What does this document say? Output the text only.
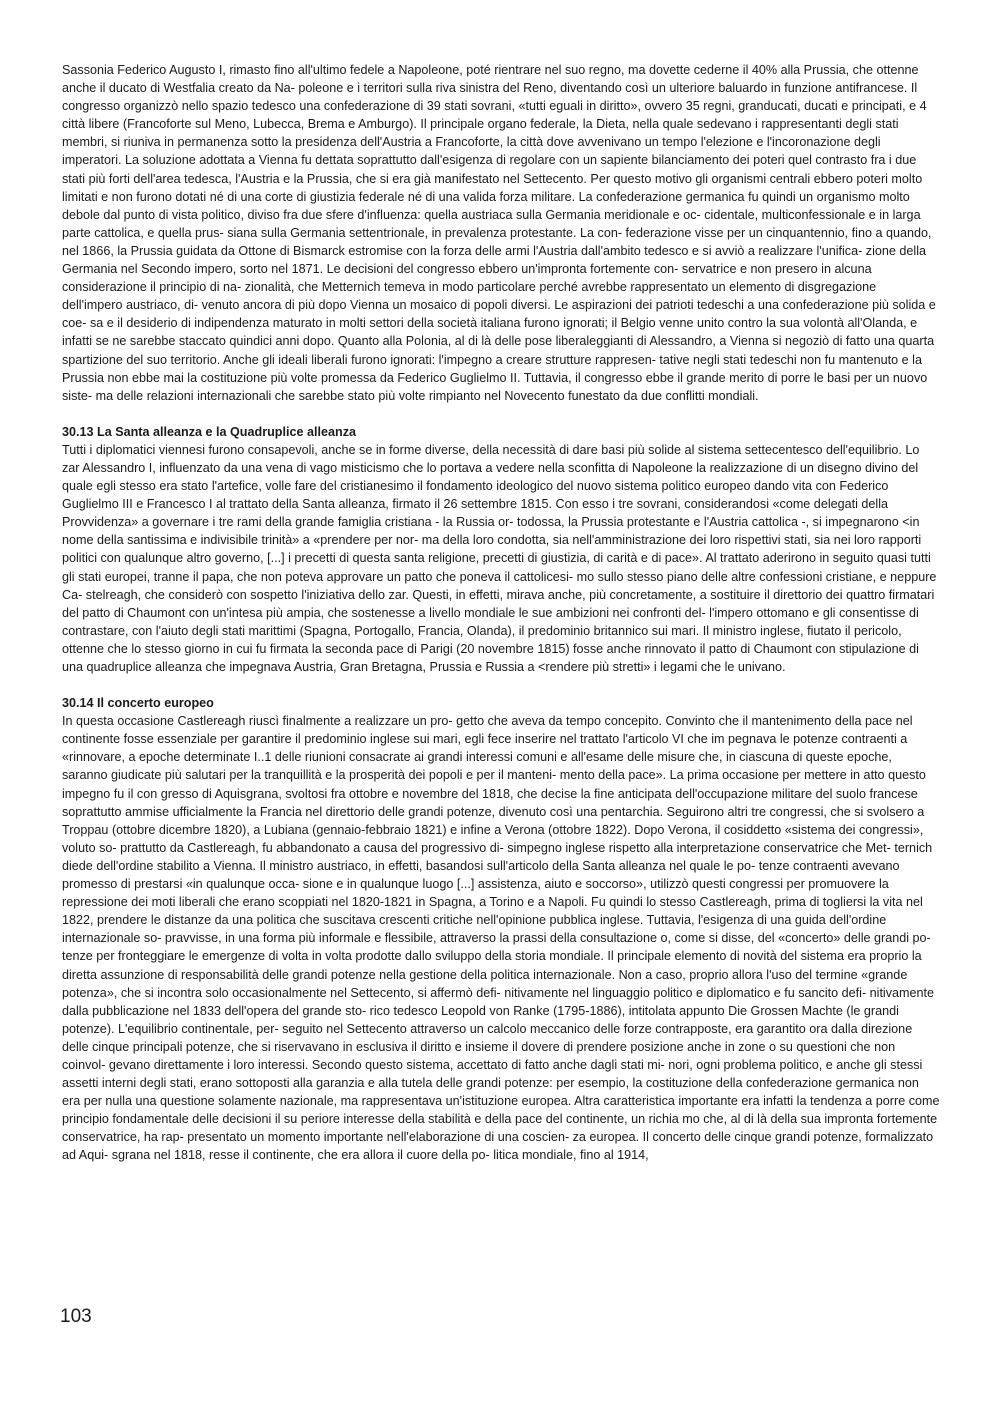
Sassonia Federico Augusto I, rimasto fino all'ultimo fedele a Napoleone, poté rientrare nel suo regno, ma dovette cederne il 40% alla Prussia, che ottenne anche il ducato di Westfalia creato da Na- poleone e i territori sulla riva sinistra del Reno, diventando così un ulteriore baluardo in funzione antifrancese. Il congresso organizzò nello spazio tedesco una confederazione di 39 stati sovrani, «tutti eguali in diritto», ovvero 35 regni, granducati, ducati e principati, e 4 città libere (Francoforte sul Meno, Lubecca, Brema e Amburgo). Il principale organo federale, la Dieta, nella quale sedevano i rappresentanti degli stati membri, si riuniva in permanenza sotto la presidenza dell'Austria a Francoforte, la città dove avvenivano un tempo l'elezione e l'incoronazione degli imperatori. La soluzione adottata a Vienna fu dettata soprattutto dall'esigenza di regolare con un sapiente bilanciamento dei poteri quel contrasto fra i due stati più forti dell'area tedesca, l'Austria e la Prussia, che si era già manifestato nel Settecento. Per questo motivo gli organismi centrali ebbero poteri molto limitati e non furono dotati né di una corte di giustizia federale né di una valida forza militare. La confederazione germanica fu quindi un organismo molto debole dal punto di vista politico, diviso fra due sfere d'influenza: quella austriaca sulla Germania meridionale e oc- cidentale, multiconfessionale e in larga parte cattolica, e quella prus- siana sulla Germania settentrionale, in prevalenza protestante. La con- federazione visse per un cinquantennio, fino a quando, nel 1866, la Prussia guidata da Ottone di Bismarck estromise con la forza delle armi l'Austria dall'ambito tedesco e si avviò a realizzare l'unifica- zione della Germania nel Secondo impero, sorto nel 1871. Le decisioni del congresso ebbero un'impronta fortemente con- servatrice e non presero in alcuna considerazione il principio di na- zionalità, che Metternich temeva in modo particolare perché avrebbe rappresentato un elemento di disgregazione dell'impero austriaco, di- venuto ancora di più dopo Vienna un mosaico di popoli diversi. Le aspirazioni dei patrioti tedeschi a una confederazione più solida e coe- sa e il desiderio di indipendenza maturato in molti settori della società italiana furono ignorati; il Belgio venne unito contro la sua volontà all'Olanda, e infatti se ne sarebbe staccato quindici anni dopo. Quanto alla Polonia, al di là delle pose liberaleggianti di Alessandro, a Vienna si negoziò di fatto una quarta spartizione del suo territorio. Anche gli ideali liberali furono ignorati: l'impegno a creare strutture rappresen- tative negli stati tedeschi non fu mantenuto e la Prussia non ebbe mai la costituzione più volte promessa da Federico Guglielmo II. Tuttavia, il congresso ebbe il grande merito di porre le basi per un nuovo siste- ma delle relazioni internazionali che sarebbe stato più volte rimpianto nel Novecento funestato da due conflitti mondiali.

30.13 La Santa alleanza e la Quadruplice alleanza

Tutti i diplomatici viennesi furono consapevoli, anche se in forme diverse, della necessità di dare basi più solide al sistema settecentesco dell'equilibrio. Lo zar Alessandro I, influenzato da una vena di vago misticismo che lo portava a vedere nella sconfitta di Napoleone la realizzazione di un disegno divino del quale egli stesso era stato l'artefice, volle fare del cristianesimo il fondamento ideologico del nuovo sistema politico europeo dando vita con Federico Guglielmo III e Francesco I al trattato della Santa alleanza, firmato il 26 settembre 1815. Con esso i tre sovrani, considerandosi «come delegati della Provvidenza» a governare i tre rami della grande famiglia cristiana - la Russia or- todossa, la Prussia protestante e l'Austria cattolica -, si impegnarono <in nome della santissima e indivisibile trinità» a «prendere per nor- ma della loro condotta, sia nell'amministrazione dei loro rispettivi stati, sia nei loro rapporti politici con qualunque altro governo, [...] i precetti di questa santa religione, precetti di giustizia, di carità e di pace». Al trattato aderirono in seguito quasi tutti gli stati europei, tranne il papa, che non poteva approvare un patto che poneva il cattolicesi- mo sullo stesso piano delle altre confessioni cristiane, e neppure Ca- stelreagh, che considerò con sospetto l'iniziativa dello zar. Questi, in effetti, mirava anche, più concretamente, a sostituire il direttorio dei quattro firmatari del patto di Chaumont con un'intesa più ampia, che sostenesse a livello mondiale le sue ambizioni nei confronti del- l'impero ottomano e gli consentisse di contrastare, con l'aiuto degli stati marittimi (Spagna, Portogallo, Francia, Olanda), il predominio britannico sui mari. Il ministro inglese, fiutato il pericolo, ottenne che lo stesso giorno in cui fu firmata la seconda pace di Parigi (20 novembre 1815) fosse anche rinnovato il patto di Chaumont con stipulazione di una quadruplice alleanza che impegnava Austria, Gran Bretagna, Prussia e Russia a <rendere più stretti» i legami che le univano.

30.14 Il concerto europeo

In questa occasione Castlereagh riuscì finalmente a realizzare un pro- getto che aveva da tempo concepito. Convinto che il mantenimento della pace nel continente fosse essenziale per garantire il predominio inglese sui mari, egli fece inserire nel trattato l'articolo VI che im pegnava le potenze contraenti a «rinnovare, a epoche determinate I..1 delle riunioni consacrate ai grandi interessi comuni e all'esame delle misure che, in ciascuna di queste epoche, saranno giudicate più salutari per la tranquillità e la prosperità dei popoli e per il manteni- mento della pace». La prima occasione per mettere in atto questo impegno fu il con gresso di Aquisgrana, svoltosi fra ottobre e novembre del 1818, che decise la fine anticipata dell'occupazione militare del suolo francese soprattutto ammise ufficialmente la Francia nel direttorio delle grandi potenze, divenuto così una pentarchia. Seguirono altri tre congressi, che si svolsero a Troppau (ottobre dicembre 1820), a Lubiana (gennaio-febbraio 1821) e infine a Verona (ottobre 1822). Dopo Verona, il cosiddetto «sistema dei congressi», voluto so- prattutto da Castlereagh, fu abbandonato a causa del progressivo di- simpegno inglese rispetto alla interpretazione conservatrice che Met- ternich diede dell'ordine stabilito a Vienna. Il ministro austriaco, in effetti, basandosi sull'articolo della Santa alleanza nel quale le po- tenze contraenti avevano promesso di prestarsi «in qualunque occa- sione e in qualunque luogo [...] assistenza, aiuto e soccorso», utilizzò questi congressi per promuovere la repressione dei moti liberali che erano scoppiati nel 1820-1821 in Spagna, a Torino e a Napoli. Fu quindi lo stesso Castlereagh, prima di togliersi la vita nel 1822, prendere le distanze da una politica che suscitava crescenti critiche nell'opinione pubblica inglese. Tuttavia, l'esigenza di una guida dell'ordine internazionale so- pravvisse, in una forma più informale e flessibile, attraverso la prassi della consultazione o, come si disse, del «concerto» delle grandi po- tenze per fronteggiare le emergenze di volta in volta prodotte dallo sviluppo della storia mondiale. Il principale elemento di novità del sistema era proprio la diretta assunzione di responsabilità delle grandi potenze nella gestione della politica internazionale. Non a caso, proprio allora l'uso del termine «grande potenza», che si incontra solo occasionalmente nel Settecento, si affermò defi- nitivamente nel linguaggio politico e diplomatico e fu sancito defi- nitivamente dalla pubblicazione nel 1833 dell'opera del grande sto- rico tedesco Leopold von Ranke (1795-1886), intitolata appunto Die Grossen Machte (le grandi potenze). L'equilibrio continentale, per- seguito nel Settecento attraverso un calcolo meccanico delle forze contrapposte, era garantito ora dalla direzione delle cinque principali potenze, che si riservavano in esclusiva il diritto e insieme il dovere di prendere posizione anche in zone o su questioni che non coinvol- gevano direttamente i loro interessi. Secondo questo sistema, accettato di fatto anche dagli stati mi- nori, ogni problema politico, e anche gli stessi assetti interni degli stati, erano sottoposti alla garanzia e alla tutela delle grandi potenze: per esempio, la costituzione della confederazione germanica non era per nulla una questione solamente nazionale, ma rappresentava un'istituzione europea. Altra caratteristica importante era infatti la tendenza a porre come principio fondamentale delle decisioni il su periore interesse della stabilità e della pace del continente, un richia mo che, al di là della sua impronta fortemente conservatrice, ha rap- presentato un momento importante nell'elaborazione di una coscien- za europea. Il concerto delle cinque grandi potenze, formalizzato ad Aqui- sgrana nel 1818, resse il continente, che era allora il cuore della po- litica mondiale, fino al 1914,

103
